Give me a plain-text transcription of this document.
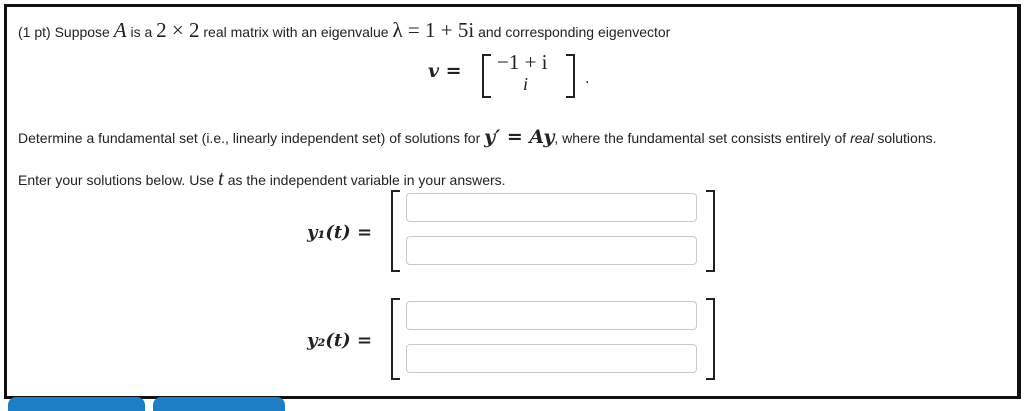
(1 pt) Suppose A is a 2 × 2 real matrix with an eigenvalue λ = 1 + 5i and corresponding eigenvector
v = −1 + i
i	.
Determine a fundamental set (i.e., linearly independent set) of solutions for y′ = Ay, where the fundamental set consists entirely of real solutions.
Enter your solutions below. Use t as the independent variable in your answers.
y₁(t) =
y₂(t) =
